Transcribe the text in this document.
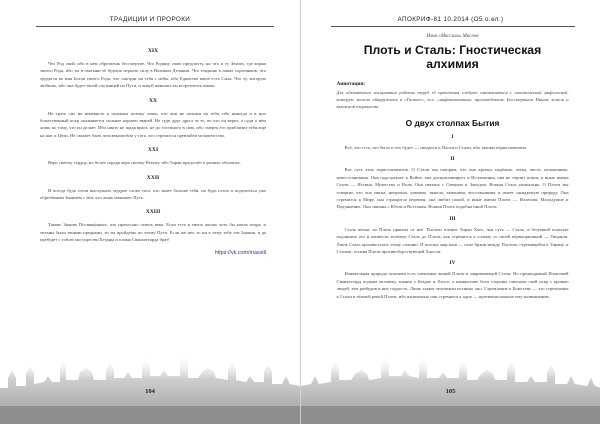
ТРАДИЦИИ И ПРОРОКИ
XIX

Что Род свой, ибо в нём обретаешь бессмертие. Что Родину свою предпочту, но что и ту Землю, где корни твоего Рода, ибо ты в святыни её будешь черпать силу в Великом Делании. Что глядишь в ликах соратников, что трудятся во имя Богов своего Рода, что смотрят на тебя с небы, ибо Единство ваше есть Сила. Что ту, которую любишь, ибо она будет твоей спутницей на Пути, и ликуй женихкэ вы встретитесь вновь.

XX

Не трать сил на ненависть к чужакам потому лишь, что они не похожи на тебя, ибо никогда и в них божественный искр оказывается сильнее коршен тварей. Не суди друг друга за то, во что он верит, а суди о нём лишь по тому, что он делает. Ибо никто не щадя врага, не до гостиного в сию, ибо смерть его приблизит тебя ещё на шаг к Цели. Не сможет быть человеколюбом у того, кто стремится превзойти человечество.

XXI

Верь своему сердцу, но более сердца верь своему Разуму, ибо Тиран предстаёт в разных обличьях.

XXII

И всегда будь готов выслушать мудрое слово того, кто знает больше тебя, но будь готов и поделиться уже обретённым Знанием с тем, кто лишь начинает Путь.

XXIII

Таково Знание Посвящённых, что прочесано сквозь века. Если есть в твоих жилах хоть бы капля искра, и титаны были твоими предками, то ты пройдёшь по этому Пути. Если же нет, то ни к чему тебе эти Знания, и да пребудет с тобою могущество Бездны и пламя Сванхаттарда брат!

https://vk.com/massili
104
АПОКРИФ-81 10.2014 (О5.о.ел.)
Илья «Массили» Маслов
Плоть и Сталь: Гностическая алхимия
Аннотация:

Для адекватного восприятия работы теруд её прочтения следует ознакомиться с гностической мифологией, которую можно обнаружить в «Гнозисе», т.е. «нафталиновым» произведением. Бессмертием Наших земель и вьюжной олирингемя.

О двух столпах Бытия
I

Всё, что есть, что было и что будет — сводится к Плоти и Стали, ибо таковы первоэлементы.

II

Вот суть этих первоэлементов. О Стали мы говорим, что она крепка, надёжна, легка, чиста, незаменима, невосстановима. Она подстрекает к Войне, она дисциплинирует и Исчленения, она не терпит покоя, и иные имена Стали — Истина, Мужество и Воля. Она связана с Севером и Западом. Всякая Сталь уникальна. О Плоти мы говорим, что она мягка, непрочна, уязвима, тяжела, заменима, восстановима и имеет ожидаемую природу. Она стремится к Миру, она стращится перемен, она любит покой, и иные имена Плоти — Иллюзия, Малодушие и Подчинение. Она связана с Югом и Востоком. Всякая Плоть подобна иной Плоти.

III

Сталь вечна; но Плоть пришла от неё. Плотью пленит Тиран Хаос, чья суть — Сталь, в безумной попытке подчинить его и низвести зелёную Сталь до Плоти, как стремится к сплину со своей первопричиной — Творцом. Лишь Сталь противостоит этому сплиню. И потому мир наш — поле брани между Плотью, стремящейся к Тирану, и Сталью, основа Плоти противоборствующей Хаосом.

IV

Изначальная природа человека есть смешение живой Плоти и закрывающей Стали. Но предводимый Иллюзией Сванхаттард подмял человеку знания о Бездне и Хаосе, а наивысшие боги стороны смешали свой искр с кровью людей, тем разбудив в них гордость. Лишь таким человеком истинно оно. Стремление к Божеству — это стремление к Стали и тёмной рекой Плоти, ибо изначально они стремятся к одно — противоположное ему возвышению.

105
